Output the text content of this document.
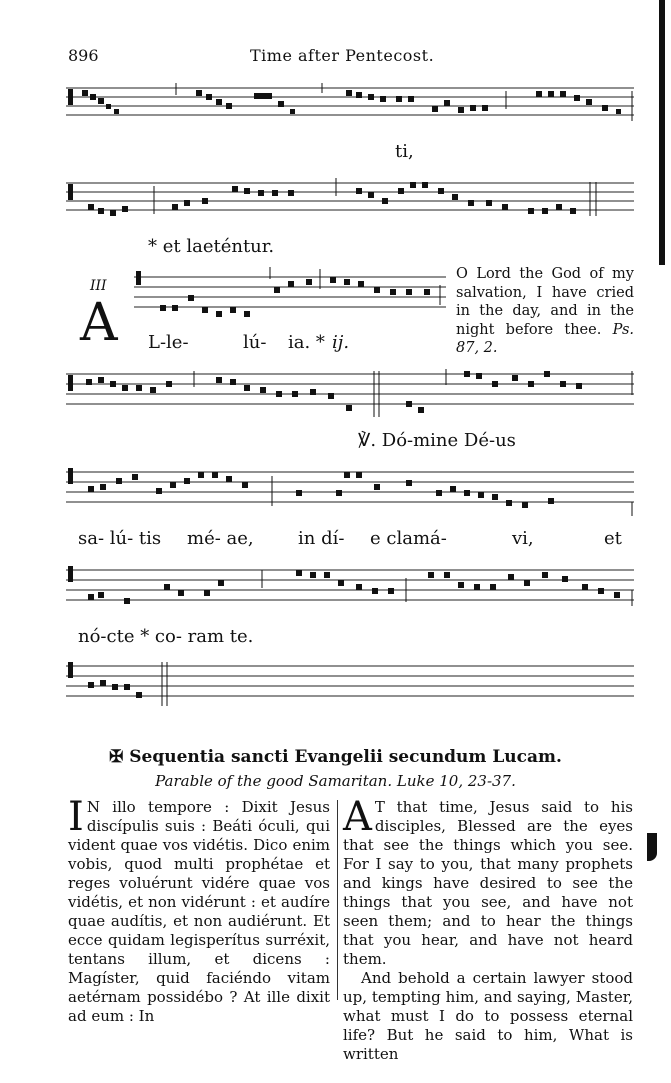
896	Time after Pentecost.
ti,
* et laeténtur.
III
A L-le-	lú- ia. * ij.
O Lord the God of my salvation, I have cried in the day, and in the night before thee. Ps. 87, 2.
℣. Dó-mine Dé-us
sa- lú- tis mé- ae, in dí- e clamá-	vi,	et
nó-cte * co- ram te.
✠ Sequentia sancti Evangelii secundum Lucam.
Parable of the good Samaritan. Luke 10, 23-37.

I N illo tempore : Dixit Jesus discípulis suis : Beáti óculi, qui vident quae vos vidétis. Dico enim vobis, quod multi prophétae et reges voluérunt vidére quae vos vidétis, et non vidérunt : et audíre quae audítis, et non audiérunt. Et ecce quidam legisperítus surréxit, tentans illum, et dicens : Magíster, quid faciéndo vitam aetérnam possidébo ? At ille dixit ad eum : In

A T that time, Jesus said to his disciples, Blessed are the eyes that see the things which you see. For I say to you, that many prophets and kings have desired to see the things that you see, and have not seen them; and to hear the things that you hear, and have not heard them.

And behold a certain lawyer stood up, tempting him, and saying, Master, what must I do to possess eternal life? But he said to him, What is written
